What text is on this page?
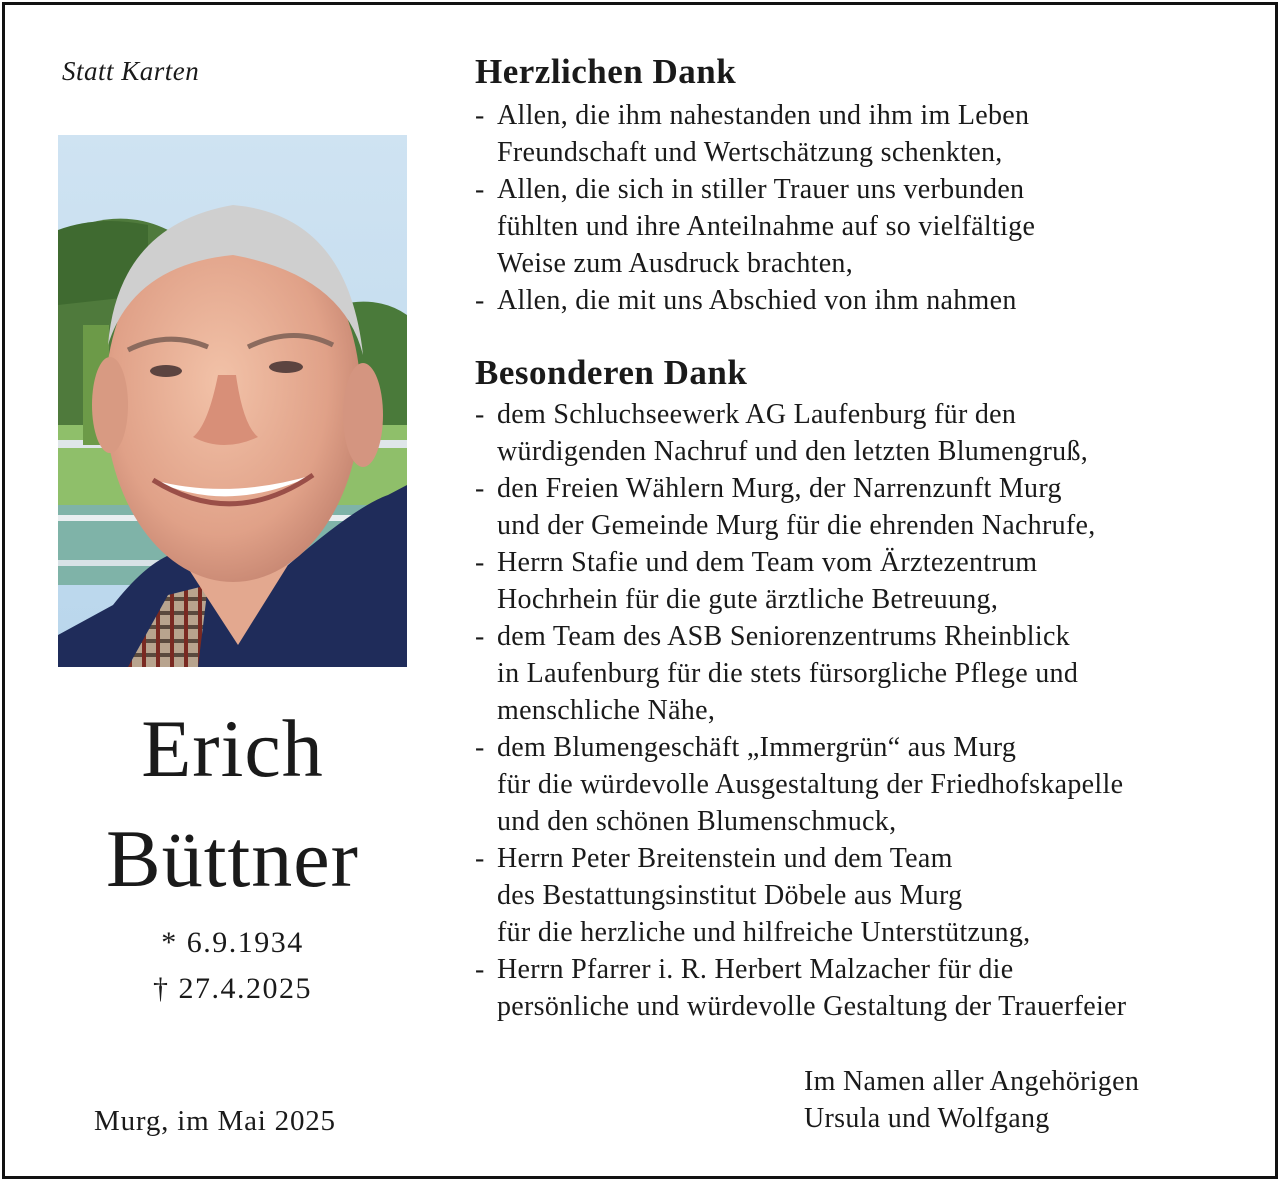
Statt Karten
Erich
Büttner
* 6.9.1934
† 27.4.2025
Murg, im Mai 2025
Herzlichen Dank
- Allen, die ihm nahestanden und ihm im Leben
Freundschaft und Wertschätzung schenkten,
- Allen, die sich in stiller Trauer uns verbunden
fühlten und ihre Anteilnahme auf so vielfältige
Weise zum Ausdruck brachten,
- Allen, die mit uns Abschied von ihm nahmen
Besonderen Dank
- dem Schluchseewerk AG Laufenburg für den
würdigenden Nachruf und den letzten Blumengruß,
- den Freien Wählern Murg, der Narrenzunft Murg
und der Gemeinde Murg für die ehrenden Nachrufe,
- Herrn Stafie und dem Team vom Ärztezentrum
Hochrhein für die gute ärztliche Betreuung,
- dem Team des ASB Seniorenzentrums Rheinblick
in Laufenburg für die stets fürsorgliche Pflege und
menschliche Nähe,
- dem Blumengeschäft „Immergrün“ aus Murg
für die würdevolle Ausgestaltung der Friedhofskapelle
und den schönen Blumenschmuck,
- Herrn Peter Breitenstein und dem Team
des Bestattungsinstitut Döbele aus Murg
für die herzliche und hilfreiche Unterstützung,
- Herrn Pfarrer i. R. Herbert Malzacher für die
persönliche und würdevolle Gestaltung der Trauerfeier
Im Namen aller Angehörigen
Ursula und Wolfgang
